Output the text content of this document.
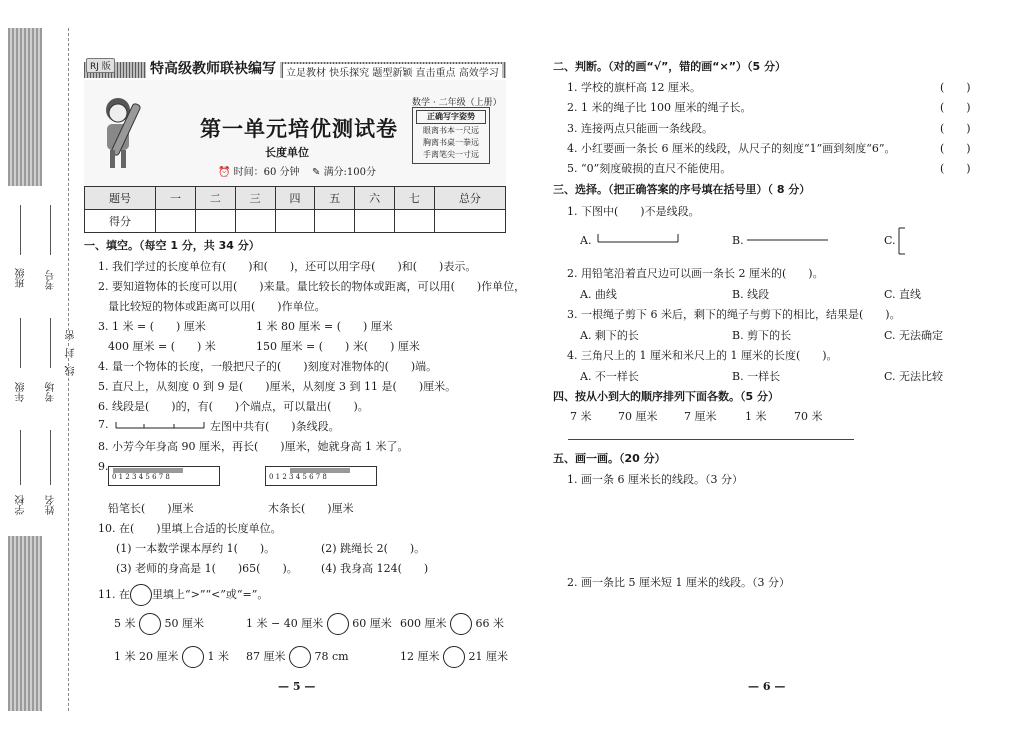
班级 考号
年级 考场
密
封
线
学校 姓名
RJ 版	特高级教师联袂编写	立足教材 快乐探究 题型新颖 直击重点 高效学习
第一单元培优测试卷
长度单位
⏰ 时间：60 分钟 ✎ 满分:100分
数学 · 二年级（上册）
正确写字姿势
眼离书本一尺远
胸离书桌一拳远
手离笔尖一寸远
题号	一	二	三	四	五	六	七	总分
得分								
一、填空。（每空 1 分，共 34 分）
1. 我们学过的长度单位有(　　)和(　　)，还可以用字母(　　)和(　　)表示。
2. 要知道物体的长度可以用(　　)来量。量比较长的物体或距离，可以用(　　)作单位，
量比较短的物体或距离可以用(　　)作单位。
3. 1 米 = (　　) 厘米	1 米 80 厘米 = (　　) 厘米
400 厘米 = (　　) 米	150 厘米 = (　　) 米(　　) 厘米
4. 量一个物体的长度，一般把尺子的(　　)刻度对准物体的(　　)端。
5. 直尺上，从刻度 0 到 9 是(　　)厘米，从刻度 3 到 11 是(　　)厘米。
6. 线段是(　　)的，有(　　)个端点，可以量出(　　)。
7.	左图中共有(　　)条线段。
8. 小芳今年身高 90 厘米，再长(　　)厘米，她就身高 1 米了。
9.
0 1 2 3 4 5 6 7 8	0 1 2 3 4 5 6 7 8
铅笔长(　　)厘米	木条长(　　)厘米
10. 在(　　)里填上合适的长度单位。
(1) 一本数学课本厚约 1(　　)。	(2) 跳绳长 2(　　)。
(3) 老师的身高是 1(　　)65(　　)。 (4) 我身高 124(　　)
11. 在 里填上“>”“<”或“=”。
5 米	50 厘米	1 米 − 40 厘米	60 厘米 600 厘米	66 米
1 米 20 厘米	1 米 87 厘米	78 cm	12 厘米	21 厘米
— 5 —
二、判断。（对的画“√”，错的画“×”）（5 分）
1. 学校的旗杆高 12 厘米。
2. 1 米的绳子比 100 厘米的绳子长。
3. 连接两点只能画一条线段。
4. 小红要画一条长 6 厘米的线段，从尺子的刻度“1”画到刻度“6”。
5. “0”刻度破损的直尺不能使用。
(　　)
(　　)
(　　)
(　　)
(　　)
三、选择。（把正确答案的序号填在括号里）（ 8 分）
1. 下图中(　　)不是线段。
A.	B.	C.
2. 用铅笔沿着直尺边可以画一条长 2 厘米的(　　)。
A. 曲线	B. 线段	C. 直线
3. 一根绳子剪下 6 米后，剩下的绳子与剪下的相比，结果是(　　)。
A. 剩下的长	B. 剪下的长	C. 无法确定
4. 三角尺上的 1 厘米和米尺上的 1 厘米的长度(　　)。
A. 不一样长	B. 一样长	C. 无法比较
四、按从小到大的顺序排列下面各数。（5 分）
7 米 70 厘米 7 厘米	1 米	70 米
五、画一画。（20 分）
1. 画一条 6 厘米长的线段。（3 分）
2. 画一条比 5 厘米短 1 厘米的线段。（3 分）
— 6 —
